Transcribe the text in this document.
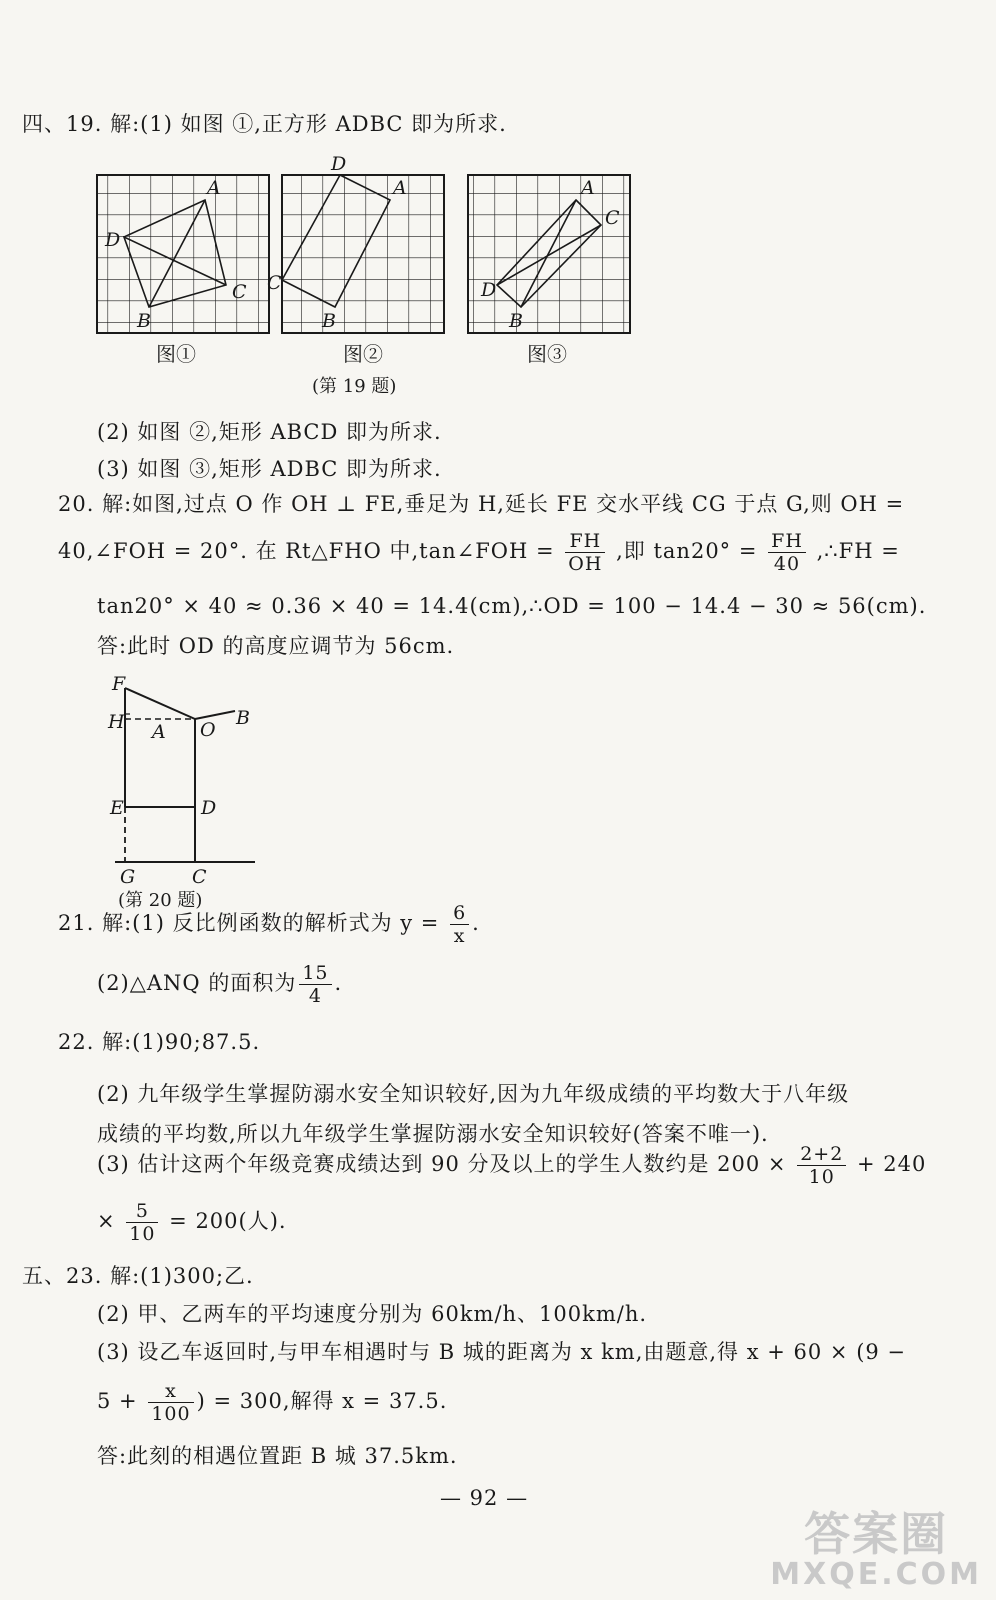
四、19. 解:(1) 如图 ①,正方形 ADBC 即为所求.
A
C
B
D
D
A
C
B
A
C
D
B
图①	图②	图③
(第 19 题)
(2) 如图 ②,矩形 ABCD 即为所求.
(3) 如图 ③,矩形 ADBC 即为所求.
20. 解:如图,过点 O 作 OH ⊥ FE,垂足为 H,延长 FE 交水平线 CG 于点 G,则 OH =
40,∠FOH = 20°. 在 Rt△FHO 中,tan∠FOH = $\frac{FH}{OH}$ ,即 $\tan 20^\circ = \frac{FH}{40}$ ,∴FH =
tan20° × 40 ≈ 0.36 × 40 = 14.4(cm),∴OD = 100 − 14.4 − 30 ≈ 56(cm).
答:此时 OD 的高度应调节为 56cm.
F
H A O
B
E	D
G	C
(第 20 题)
21. 解:(1) 反比例函数的解析式为 $y = \frac{6}{x}$ .
(2)△ANQ 的面积为 $\frac{15}{4}$ .
22. 解:(1)90;87.5.
(2) 九年级学生掌握防溺水安全知识较好,因为九年级成绩的平均数大于八年级
成绩的平均数,所以九年级学生掌握防溺水安全知识较好(答案不唯一).
(3) 估计这两个年级竞赛成绩达到 90 分及以上的学生人数约是 $200 \times \frac{2+2}{10} + 240$
× $\frac{5}{10} = 200$(人).
五、23. 解:(1)300;乙.
(2) 甲、乙两车的平均速度分别为 60km/h、100km/h.
(3) 设乙车返回时,与甲车相遇时与 B 城的距离为 x km,由题意,得 x + 60 × (9 −
$5 + \frac{x}{100}$ ) = 300,解得 x = 37.5.
答:此刻的相遇位置距 B 城 37.5km.
— 92 —
答案圈
MXQE.COM
